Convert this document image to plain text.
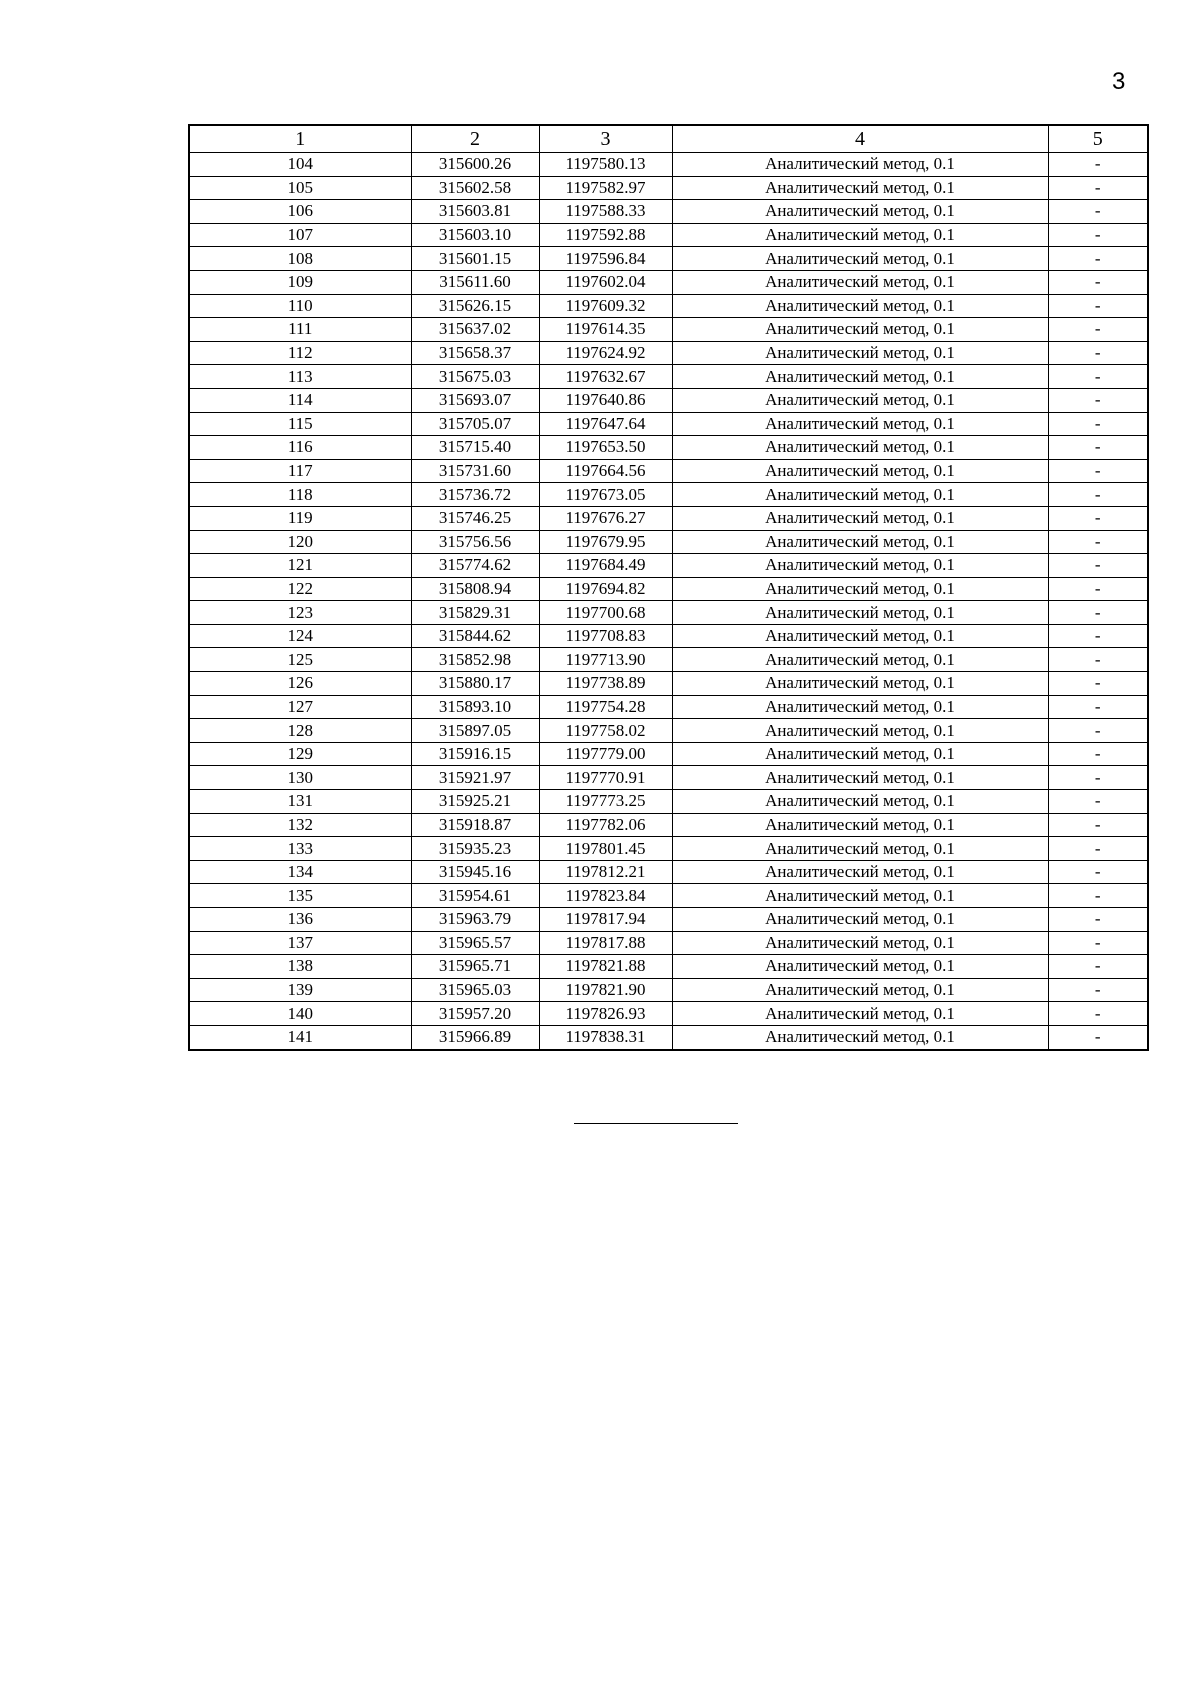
3
1	2	3	4	5
104	315600.26	1197580.13	Аналитический метод, 0.1	-
105	315602.58	1197582.97	Аналитический метод, 0.1	-
106	315603.81	1197588.33	Аналитический метод, 0.1	-
107	315603.10	1197592.88	Аналитический метод, 0.1	-
108	315601.15	1197596.84	Аналитический метод, 0.1	-
109	315611.60	1197602.04	Аналитический метод, 0.1	-
110	315626.15	1197609.32	Аналитический метод, 0.1	-
111	315637.02	1197614.35	Аналитический метод, 0.1	-
112	315658.37	1197624.92	Аналитический метод, 0.1	-
113	315675.03	1197632.67	Аналитический метод, 0.1	-
114	315693.07	1197640.86	Аналитический метод, 0.1	-
115	315705.07	1197647.64	Аналитический метод, 0.1	-
116	315715.40	1197653.50	Аналитический метод, 0.1	-
117	315731.60	1197664.56	Аналитический метод, 0.1	-
118	315736.72	1197673.05	Аналитический метод, 0.1	-
119	315746.25	1197676.27	Аналитический метод, 0.1	-
120	315756.56	1197679.95	Аналитический метод, 0.1	-
121	315774.62	1197684.49	Аналитический метод, 0.1	-
122	315808.94	1197694.82	Аналитический метод, 0.1	-
123	315829.31	1197700.68	Аналитический метод, 0.1	-
124	315844.62	1197708.83	Аналитический метод, 0.1	-
125	315852.98	1197713.90	Аналитический метод, 0.1	-
126	315880.17	1197738.89	Аналитический метод, 0.1	-
127	315893.10	1197754.28	Аналитический метод, 0.1	-
128	315897.05	1197758.02	Аналитический метод, 0.1	-
129	315916.15	1197779.00	Аналитический метод, 0.1	-
130	315921.97	1197770.91	Аналитический метод, 0.1	-
131	315925.21	1197773.25	Аналитический метод, 0.1	-
132	315918.87	1197782.06	Аналитический метод, 0.1	-
133	315935.23	1197801.45	Аналитический метод, 0.1	-
134	315945.16	1197812.21	Аналитический метод, 0.1	-
135	315954.61	1197823.84	Аналитический метод, 0.1	-
136	315963.79	1197817.94	Аналитический метод, 0.1	-
137	315965.57	1197817.88	Аналитический метод, 0.1	-
138	315965.71	1197821.88	Аналитический метод, 0.1	-
139	315965.03	1197821.90	Аналитический метод, 0.1	-
140	315957.20	1197826.93	Аналитический метод, 0.1	-
141	315966.89	1197838.31	Аналитический метод, 0.1	-
